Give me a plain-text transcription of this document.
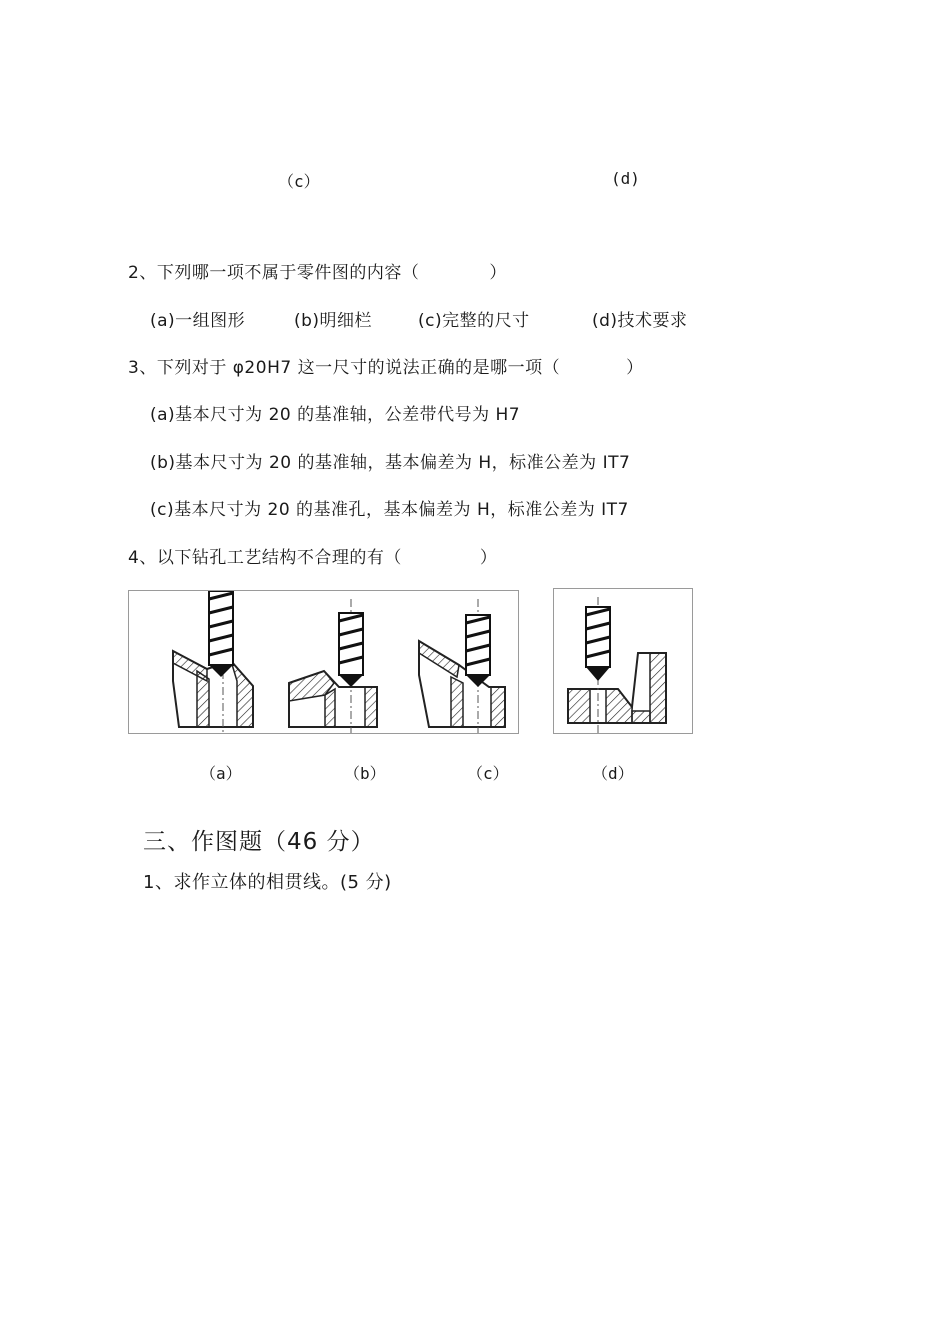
（c）	(d)
2、下列哪一项不属于零件图的内容（	）
(a)一组图形	(b)明细栏	(c)完整的尺寸	(d)技术要求
3、下列对于 φ20H7 这一尺寸的说法正确的是哪一项（	）
(a)基本尺寸为 20 的基准轴，公差带代号为 H7
(b)基本尺寸为 20 的基准轴，基本偏差为 H，标准公差为 IT7
(c)基本尺寸为 20 的基准孔，基本偏差为 H，标准公差为 IT7
4、以下钻孔工艺结构不合理的有（	）
（a）	（b）	（c）	（d）
三、作图题（46 分）
1、求作立体的相贯线。(5 分)
